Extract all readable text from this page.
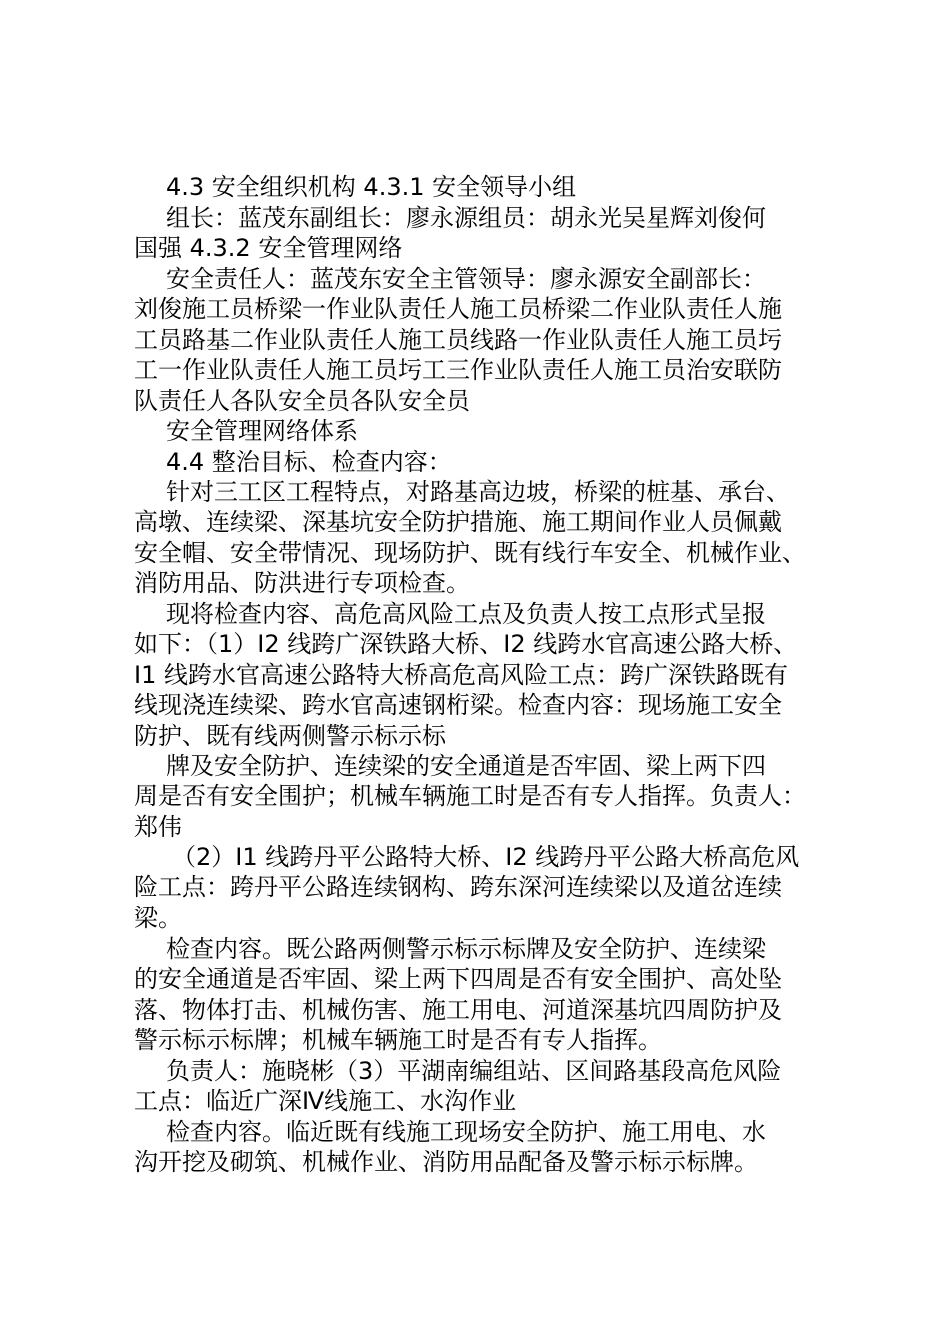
4.3 安全组织机构 4.3.1 安全领导小组

组长：蓝茂东副组长：廖永源组员：胡永光吴星辉刘俊何
国强 4.3.2 安全管理网络

安全责任人：蓝茂东安全主管领导：廖永源安全副部长：
刘俊施工员桥梁一作业队责任人施工员桥梁二作业队责任人施
工员路基二作业队责任人施工员线路一作业队责任人施工员圬
工一作业队责任人施工员圬工三作业队责任人施工员治安联防
队责任人各队安全员各队安全员

安全管理网络体系

4.4 整治目标、检查内容：

针对三工区工程特点，对路基高边坡，桥梁的桩基、承台、
高墩、连续梁、深基坑安全防护措施、施工期间作业人员佩戴
安全帽、安全带情况、现场防护、既有线行车安全、机械作业、
消防用品、防洪进行专项检查。

现将检查内容、高危高风险工点及负责人按工点形式呈报
如下：（1）I2 线跨广深铁路大桥、I2 线跨水官高速公路大桥、
I1 线跨水官高速公路特大桥高危高风险工点：跨广深铁路既有
线现浇连续梁、跨水官高速钢桁梁。检查内容：现场施工安全
防护、既有线两侧警示标示标

牌及安全防护、连续梁的安全通道是否牢固、梁上两下四
周是否有安全围护；机械车辆施工时是否有专人指挥。负责人：
郑伟

（2）I1 线跨丹平公路特大桥、I2 线跨丹平公路大桥高危风
险工点：跨丹平公路连续钢构、跨东深河连续梁以及道岔连续
梁。

检查内容。既公路两侧警示标示标牌及安全防护、连续梁
的安全通道是否牢固、梁上两下四周是否有安全围护、高处坠
落、物体打击、机械伤害、施工用电、河道深基坑四周防护及
警示标示标牌；机械车辆施工时是否有专人指挥。

负责人：施晓彬（3）平湖南编组站、区间路基段高危风险
工点：临近广深Ⅳ线施工、水沟作业

检查内容。临近既有线施工现场安全防护、施工用电、水
沟开挖及砌筑、机械作业、消防用品配备及警示标示标牌。
